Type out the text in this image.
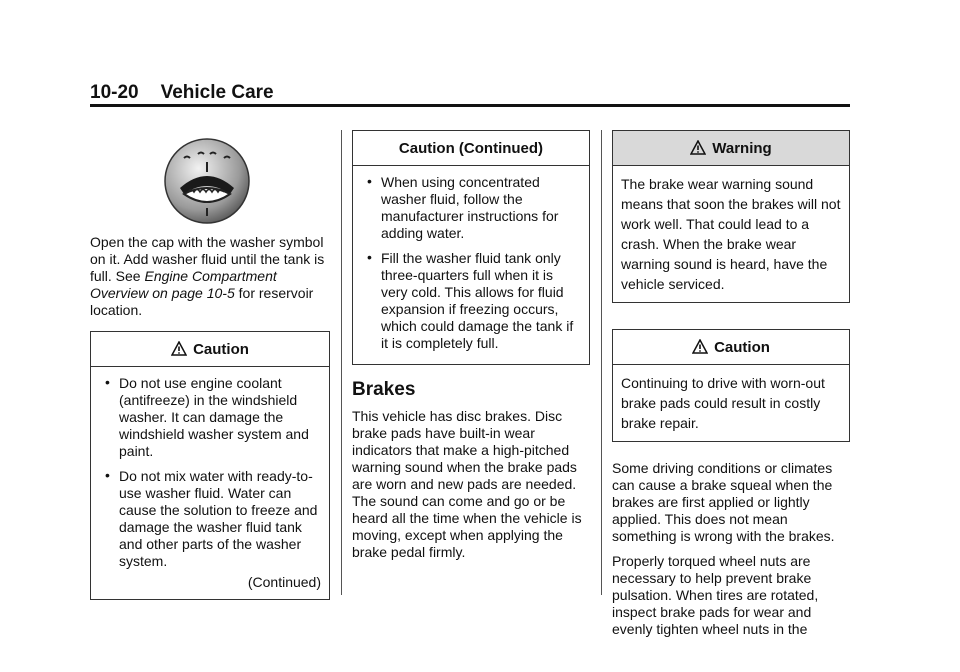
10-20 Vehicle Care

Open the cap with the washer symbol on it. Add washer fluid until the tank is full. See Engine Compartment Overview on page 10-5 for reservoir location.

Caution
• Do not use engine coolant (antifreeze) in the windshield washer. It can damage the windshield washer system and paint.
• Do not mix water with ready-to-use washer fluid. Water can cause the solution to freeze and damage the washer fluid tank and other parts of the washer system.
(Continued)
Caution (Continued)
• When using concentrated washer fluid, follow the manufacturer instructions for adding water.
• Fill the washer fluid tank only three-quarters full when it is very cold. This allows for fluid expansion if freezing occurs, which could damage the tank if it is completely full.
Brakes

This vehicle has disc brakes. Disc brake pads have built-in wear indicators that make a high-pitched warning sound when the brake pads are worn and new pads are needed. The sound can come and go or be heard all the time when the vehicle is moving, except when applying the brake pedal firmly.

Warning

The brake wear warning sound means that soon the brakes will not work well. That could lead to a crash. When the brake wear warning sound is heard, have the vehicle serviced.

Caution

Continuing to drive with worn-out brake pads could result in costly brake repair.

Some driving conditions or climates can cause a brake squeal when the brakes are first applied or lightly applied. This does not mean something is wrong with the brakes.

Properly torqued wheel nuts are necessary to help prevent brake pulsation. When tires are rotated, inspect brake pads for wear and evenly tighten wheel nuts in the
